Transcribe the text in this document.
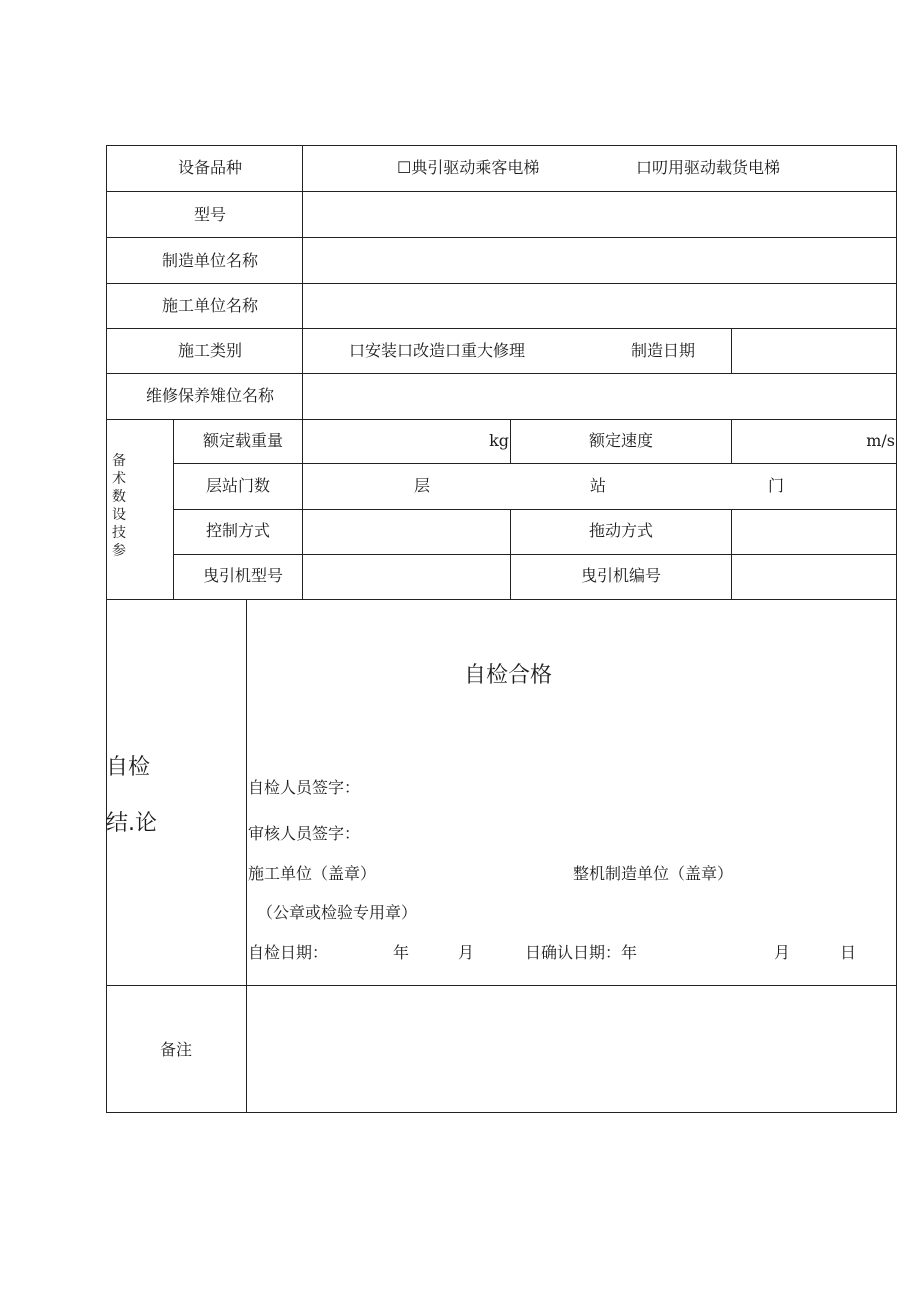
设备品种	☐典引驱动乘客电梯	口叨用驱动载货电梯
型号
制造单位名称
施工单位名称
施工类别	口安装口改造口重大修理	制造日期
维修保养雉位名称
备
术
数
设
技
参
额定载重量	kg	额定速度	m/s
层站门数	层	站	门
控制方式	拖动方式
曳引机型号	曳引机编号
自检
结.论
自检合格
自检人员签字：
审核人员签字：
施工单位（盖章）	整机制造单位（盖章）
（公章或检验专用章）
自检日期：	年	月	日确认日期：年	月	日
备注
